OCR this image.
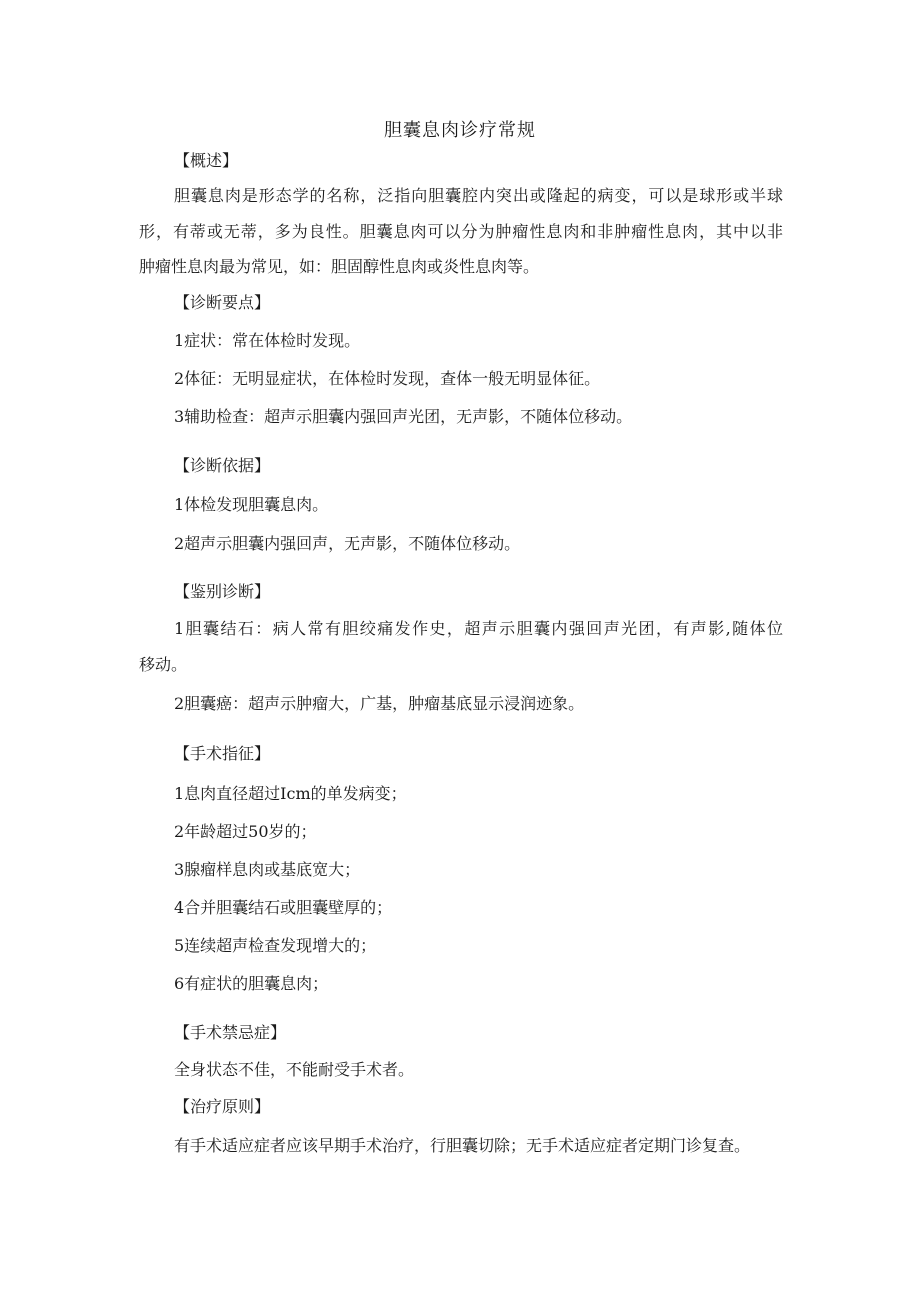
胆囊息肉诊疗常规
【概述】
胆囊息肉是形态学的名称，泛指向胆囊腔内突出或隆起的病变，可以是球形或半球
形，有蒂或无蒂，多为良性。胆囊息肉可以分为肿瘤性息肉和非肿瘤性息肉，其中以非
肿瘤性息肉最为常见，如：胆固醇性息肉或炎性息肉等。
【诊断要点】
1症状：常在体检时发现。
2体征：无明显症状，在体检时发现，查体一般无明显体征。
3辅助检查：超声示胆囊内强回声光团，无声影，不随体位移动。
【诊断依据】
1体检发现胆囊息肉。
2超声示胆囊内强回声，无声影，不随体位移动。
【鉴别诊断】
1胆囊结石：病人常有胆绞痛发作史，超声示胆囊内强回声光团，有声影,随体位
移动。
2胆囊癌：超声示肿瘤大，广基，肿瘤基底显示浸润迹象。
【手术指征】
1息肉直径超过Icm的单发病变；
2年龄超过50岁的；
3腺瘤样息肉或基底宽大；
4合并胆囊结石或胆囊壁厚的；
5连续超声检查发现增大的；
6有症状的胆囊息肉；
【手术禁忌症】
全身状态不佳，不能耐受手术者。
【治疗原则】
有手术适应症者应该早期手术治疗，行胆囊切除；无手术适应症者定期门诊复查。
